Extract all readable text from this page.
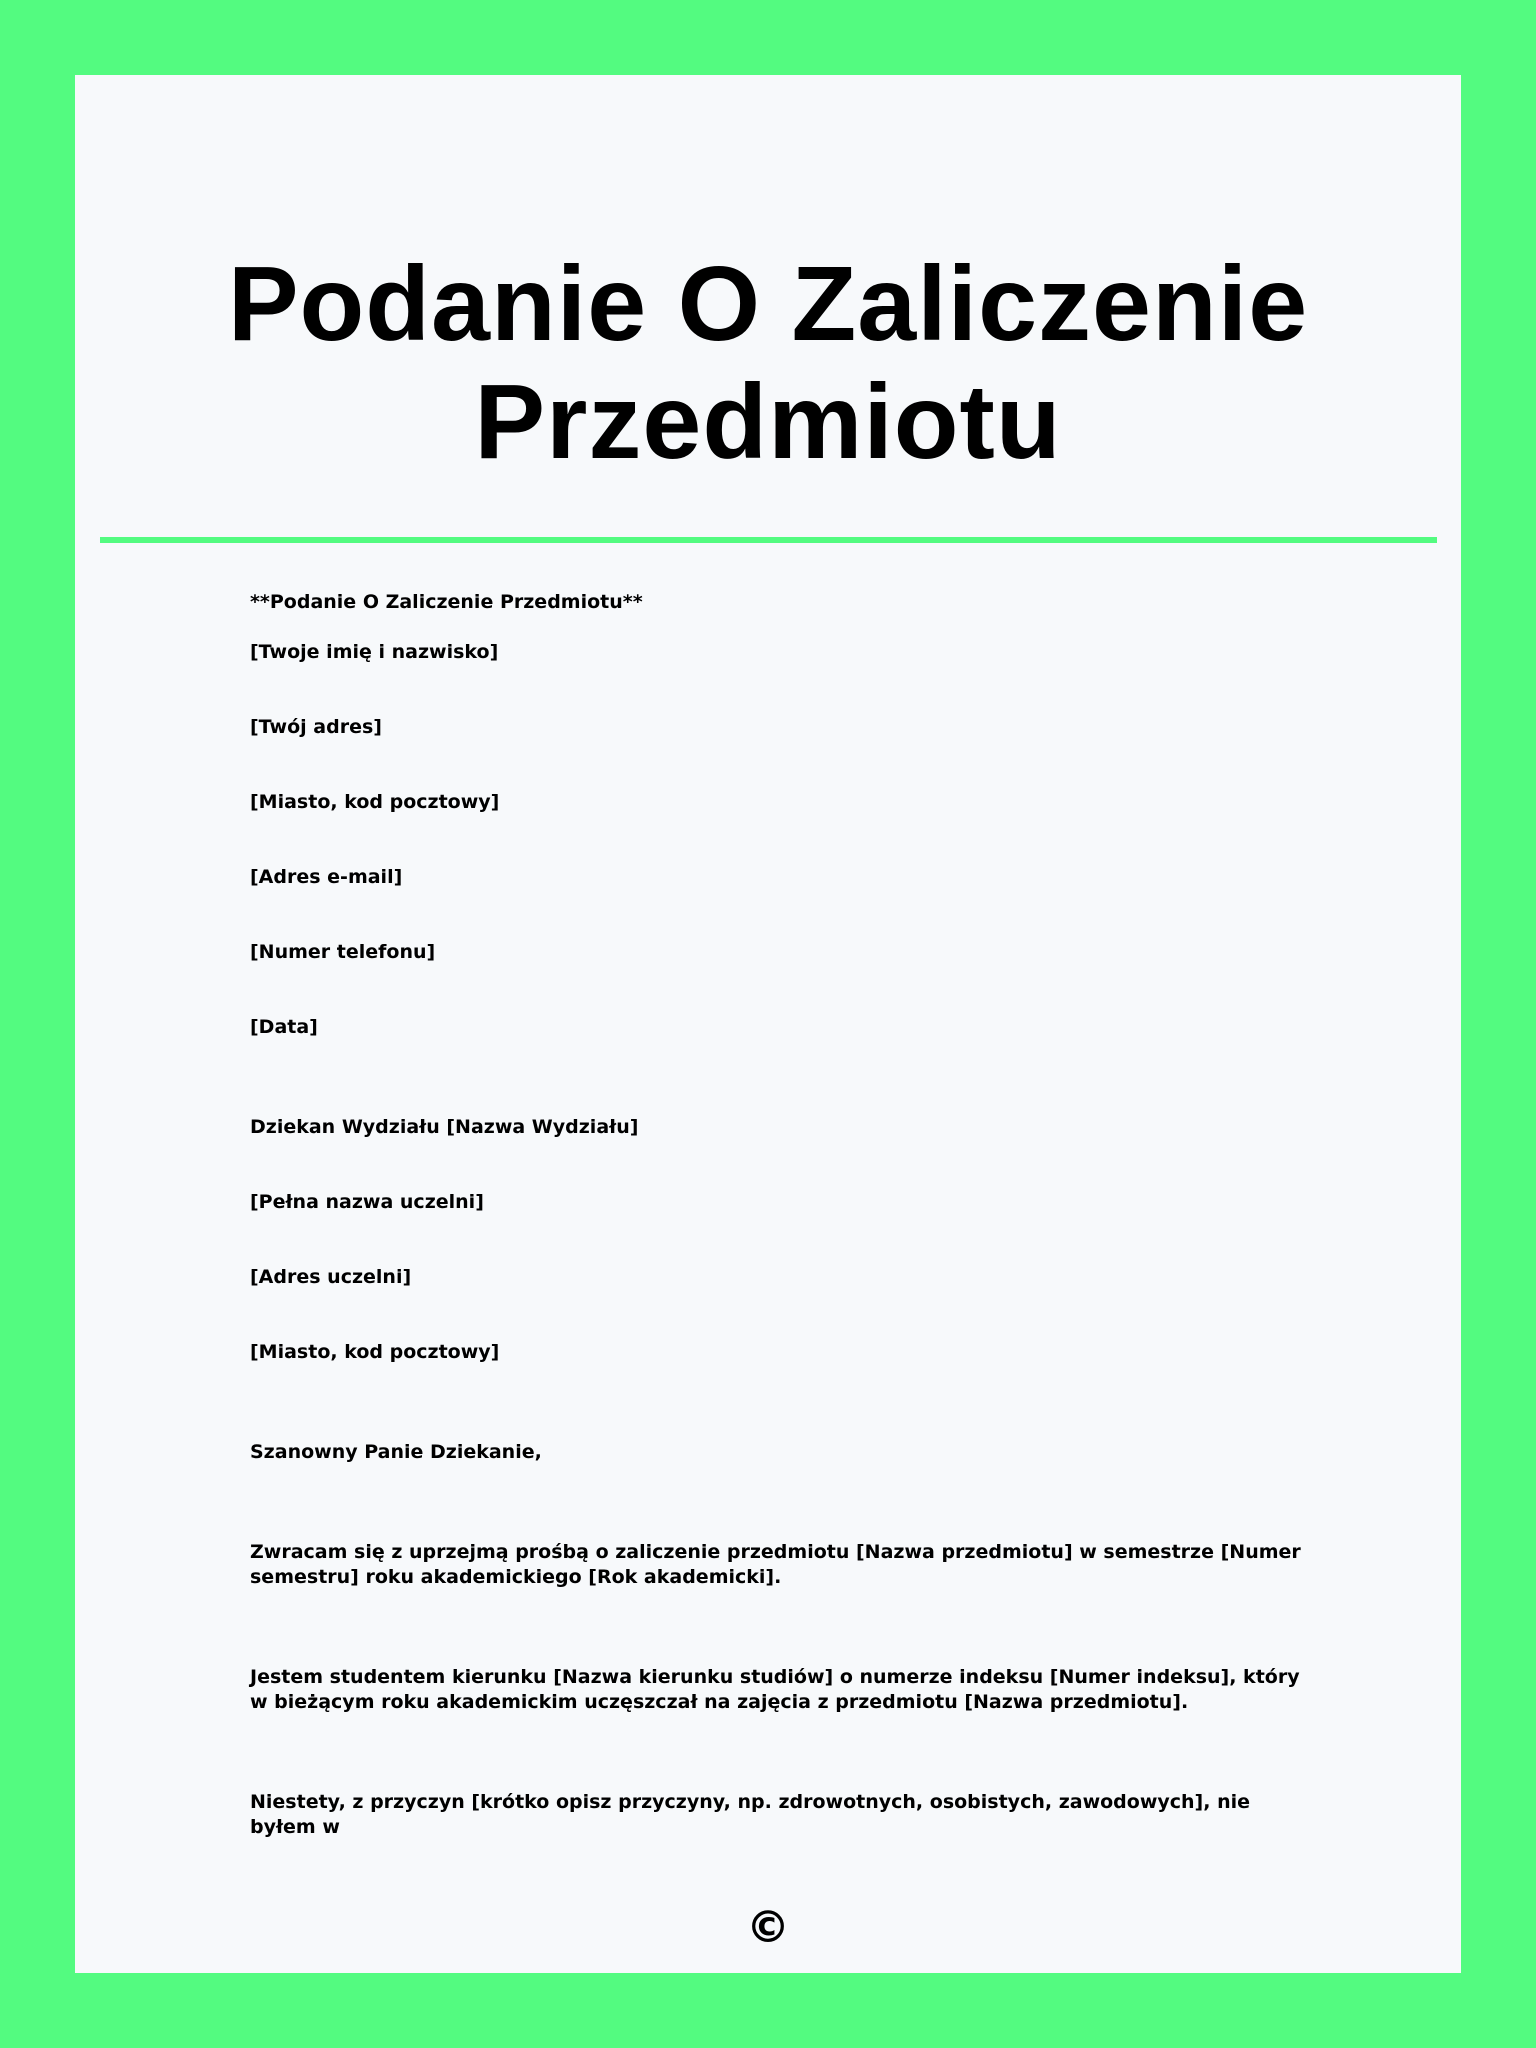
Podanie O Zaliczenie Przedmiotu

**Podanie O Zaliczenie Przedmiotu**

[Twoje imię i nazwisko]

[Twój adres]

[Miasto, kod pocztowy]

[Adres e-mail]

[Numer telefonu]

[Data]

Dziekan Wydziału [Nazwa Wydziału]

[Pełna nazwa uczelni]

[Adres uczelni]

[Miasto, kod pocztowy]

Szanowny Panie Dziekanie,

Zwracam się z uprzejmą prośbą o zaliczenie przedmiotu [Nazwa przedmiotu] w semestrze [Numer semestru] roku akademickiego [Rok akademicki].

Jestem studentem kierunku [Nazwa kierunku studiów] o numerze indeksu [Numer indeksu], który w bieżącym roku akademickim uczęszczał na zajęcia z przedmiotu [Nazwa przedmiotu].

Niestety, z przyczyn [krótko opisz przyczyny, np. zdrowotnych, osobistych, zawodowych], nie byłem w

©
